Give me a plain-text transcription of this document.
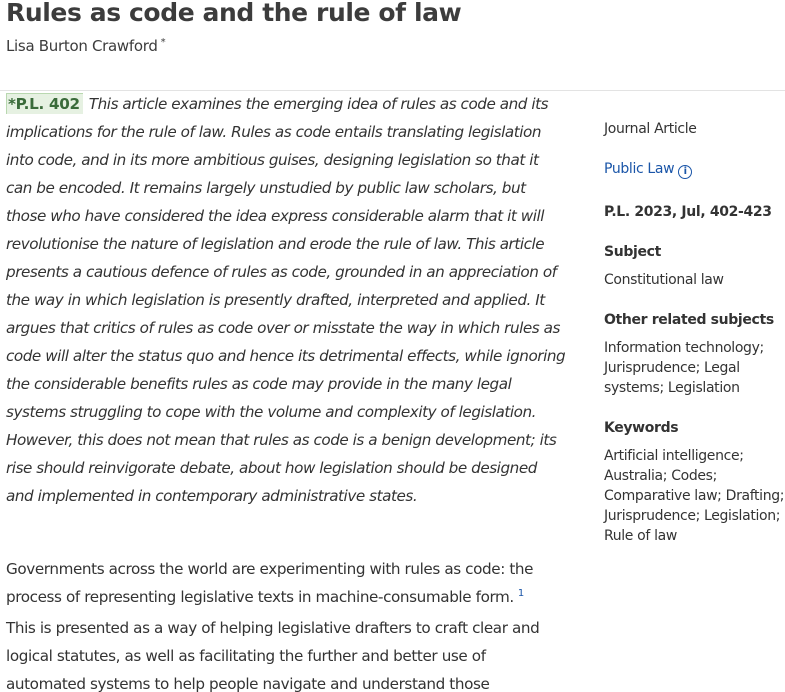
Rules as code and the rule of law
Lisa Burton Crawford *

*P.L. 402 This article examines the emerging idea of rules as code and its implications for the rule of law. Rules as code entails translating legislation into code, and in its more ambitious guises, designing legislation so that it can be encoded. It remains largely unstudied by public law scholars, but those who have considered the idea express considerable alarm that it will revolutionise the nature of legislation and erode the rule of law. This article presents a cautious defence of rules as code, grounded in an appreciation of the way in which legislation is presently drafted, interpreted and applied. It argues that critics of rules as code over or misstate the way in which rules as code will alter the status quo and hence its detrimental effects, while ignoring the considerable benefits rules as code may provide in the many legal systems struggling to cope with the volume and complexity of legislation. However, this does not mean that rules as code is a benign development; its rise should reinvigorate debate, about how legislation should be designed and implemented in contemporary administrative states.

Governments across the world are experimenting with rules as code: the process of representing legislative texts in machine-consumable form. $^1$
This is presented as a way of helping legislative drafters to craft clear and logical statutes, as well as facilitating the further and better use of automated systems to help people navigate and understand those

Journal Article
Public Law i
P.L. 2023, Jul, 402-423
Subject
Constitutional law
Other related subjects
Information technology; Jurisprudence; Legal systems; Legislation
Keywords
Artificial intelligence; Australia; Codes; Comparative law; Drafting; Jurisprudence; Legislation; Rule of law
